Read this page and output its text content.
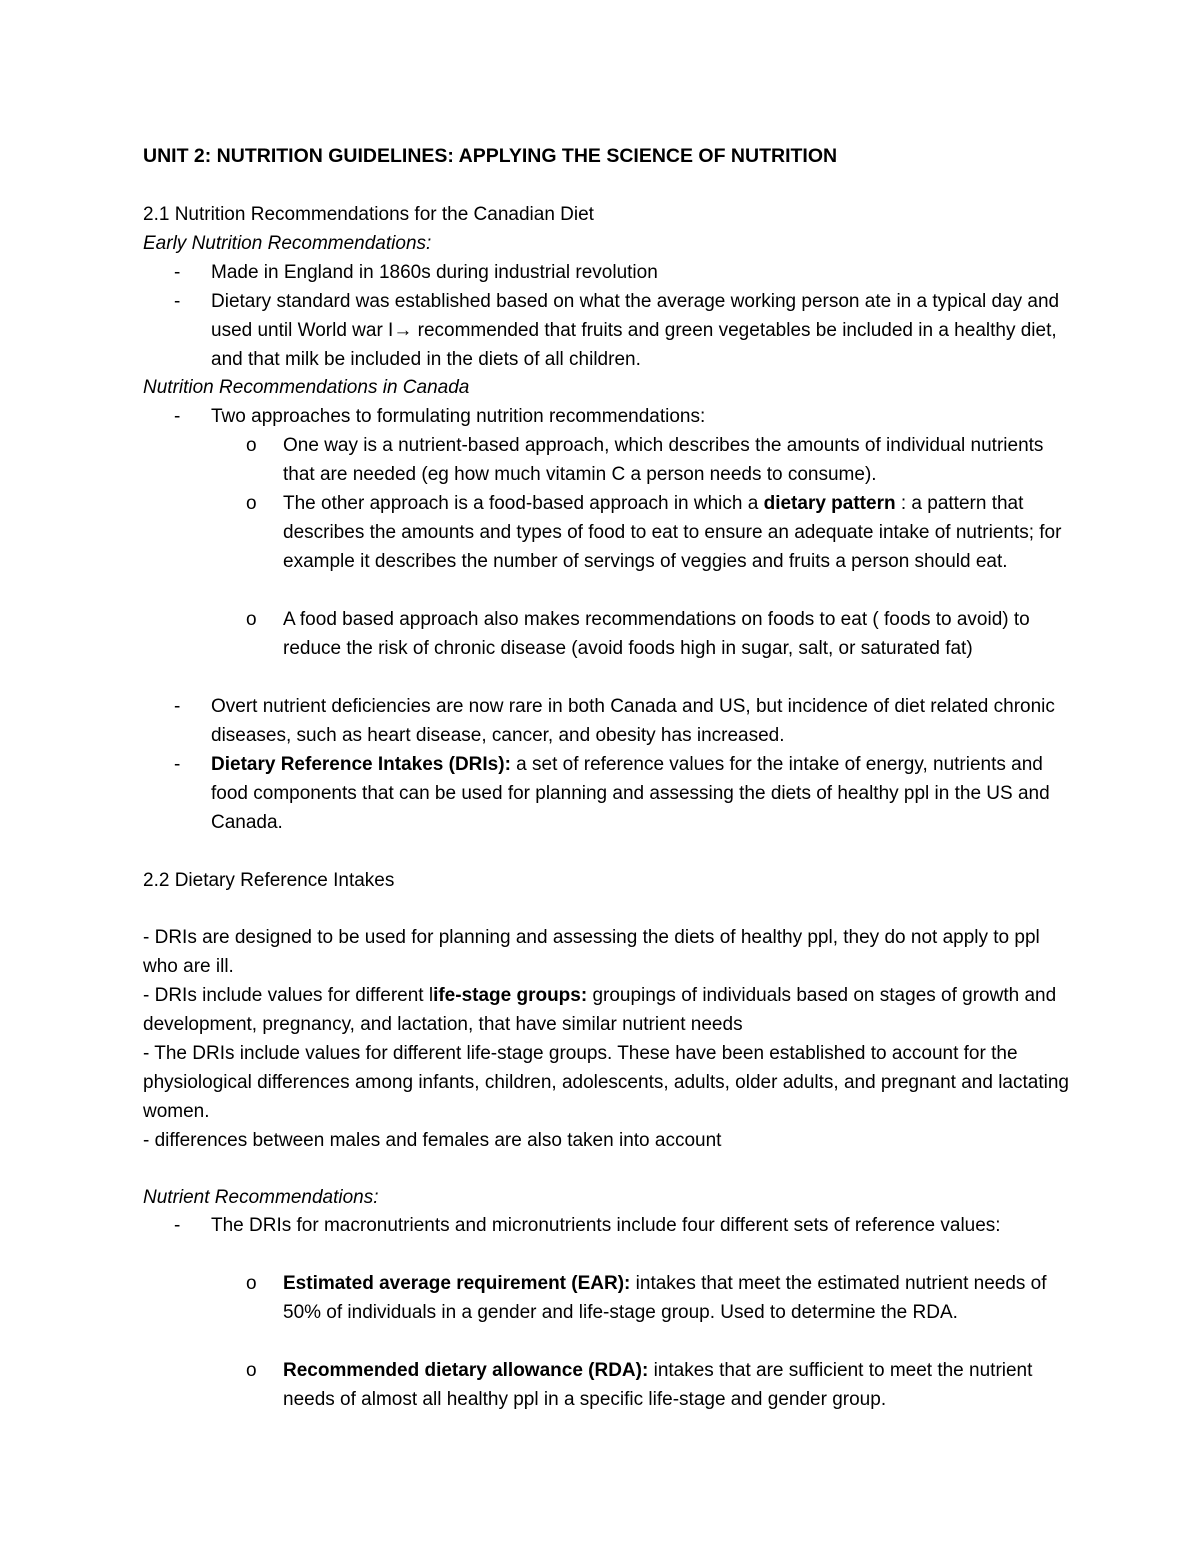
UNIT 2: NUTRITION GUIDELINES: APPLYING THE SCIENCE OF NUTRITION
2.1 Nutrition Recommendations for the Canadian Diet
Early Nutrition Recommendations:
- Made in England in 1860s during industrial revolution
- Dietary standard was established based on what the average working person ate in a typical day and used until World war I→ recommended that fruits and green vegetables be included in a healthy diet, and that milk be included in the diets of all children.
Nutrition Recommendations in Canada
- Two approaches to formulating nutrition recommendations:
o One way is a nutrient-based approach, which describes the amounts of individual nutrients that are needed (eg how much vitamin C a person needs to consume).
o The other approach is a food-based approach in which a dietary pattern : a pattern that describes the amounts and types of food to eat to ensure an adequate intake of nutrients; for example it describes the number of servings of veggies and fruits a person should eat.
o A food based approach also makes recommendations on foods to eat ( foods to avoid) to reduce the risk of chronic disease (avoid foods high in sugar, salt, or saturated fat)
- Overt nutrient deficiencies are now rare in both Canada and US, but incidence of diet related chronic diseases, such as heart disease, cancer, and obesity has increased.
- Dietary Reference Intakes (DRIs): a set of reference values for the intake of energy, nutrients and food components that can be used for planning and assessing the diets of healthy ppl in the US and Canada.
2.2 Dietary Reference Intakes
- DRIs are designed to be used for planning and assessing the diets of healthy ppl, they do not apply to ppl who are ill.
- DRIs include values for different life-stage groups: groupings of individuals based on stages of growth and development, pregnancy, and lactation, that have similar nutrient needs
- The DRIs include values for different life-stage groups. These have been established to account for the physiological differences among infants, children, adolescents, adults, older adults, and pregnant and lactating women.
- differences between males and females are also taken into account
Nutrient Recommendations:
- The DRIs for macronutrients and micronutrients include four different sets of reference values:
o Estimated average requirement (EAR): intakes that meet the estimated nutrient needs of 50% of individuals in a gender and life-stage group. Used to determine the RDA.
o Recommended dietary allowance (RDA): intakes that are sufficient to meet the nutrient needs of almost all healthy ppl in a specific life-stage and gender group.
